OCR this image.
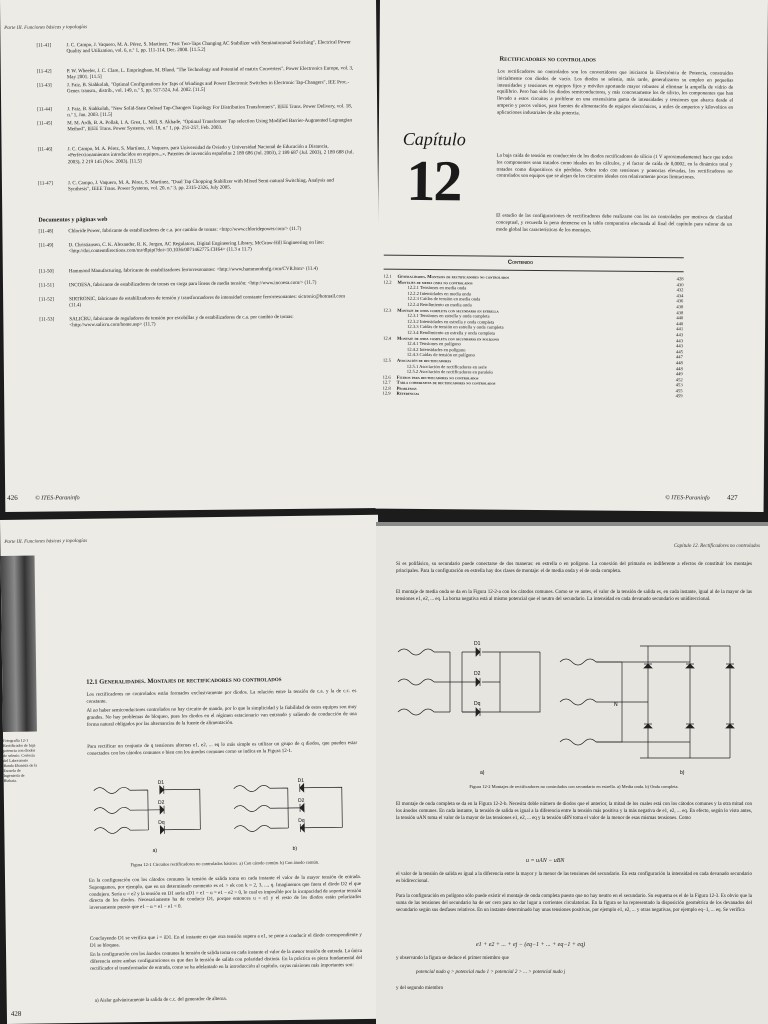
Parte III. Funciones básicas y topologías
[11-41]	J. C. Campo, J. Vaquero, M. A. Pérez, S. Martínez, "Fast Two-Taps Changing AC Stabilizer with Semiautomoud Switching", Electrical Power Quality and Utilization, vol. 6, n.º 1, pp. 111-114, Dec. 2000. [11.5.2]
[11-42]	P. W. Wheeler, J. C. Clare, L. Empringham, M. Bland, "The Technology and Potential of matrix Converters", Power Electronics Europe, vol. 3, May 2001. [11.5]
[11-43]	J. Faiz, B. Siahkolah, "Optimal Configurations for Taps of Windings and Power Electronic Switches in Electronic Tap-Changers", IEE Proc.-Gener. transm., distrib., vol. 149, n.º 5, pp. 517-524, Jul. 2002. [11.5]
[11-44]	J. Faiz, B. Siahkolah, "New Solid-State Onload Tap-Changers Topology For Distribution Transformers", IEEE Trans. Power Delivery, vol. 18, n.º 1, Jan. 2003. [11.5]
[11-45]	M. M. Ardh, B. A. Pollak, I. A. Grea, L. Mill, S. Akhade, "Optimal Transformer Tap selection Using Modified Barrier-Augmented Lagrangian Method", IEEE Trans. Power Systems, vol. 18, n.º 1, pp. 251-257, Feb. 2003.
[11-46]	J. C. Campo, M. A. Pérez, S. Martínez, J. Vaquero, para Universidad de Oviedo y Universidad Nacional de Educación a Distancia, «Perfeccionamientos introducidos en equipos...», Patentes de invención españolas 2 189 686 (Jul. 2003), 2 189 687 (Jul. 2003), 2 189 688 (Jul. 2003), 2 219 145 (Nov. 2003). [11.5]
[11-47]	J. C. Campo, J. Vaquero, M. A. Pérez, S. Martínez, "Dual Tap Chopping Stabilizer with Mixed Semi-natural Switching, Analysis and Synthesis", IEEE Trans. Power Systems, vol. 20, n.º 3, pp. 2315-2326, July 2005.
Documentos y páginas web
[11-48]	Chloride Power, fabricante de estabilizadores de c.a. por cambio de tomas: <http://www.chloridepower.com/> (11.7)
[11-49]	D. Christiansen, C. K. Alexander, R. K. Jurgen, AC Regulators, Digital Engineering Library, McGraw-Hill Engineering on line: <http://doi.contentdirections.com/mr/dlpipi?doi=10.1036/0071462775.CH64> (11.3 a 11.7)
[11-50]	Hammond Manufacturing, fabricante de estabilizadores ferrorresonantes: <http://www.hammondmfg.com/CVR.htm> (11.4)
[11-51]	INCOESA, fabricante de estabilizadores de tomas en carga para líneas de media tensión: <http://www.incoesa.com/> (11.7)
[11-52]	SIRTRONIC, fabricante de estabilizadores de tensión y transformadores de intensidad constante ferrorresonantes: sictronic@hotmail.com (11.4)
[11-53]	SALICRU, fabricante de reguladores de tensión por escobillas y de estabilizadores de c.a. por cambio de tomas: <http://www.salicru.com/home.asp> (11.7)
426	© ITES-Paraninfo
Capítulo
12
Rectificadores no controlados
Los rectificadores no controlados son los convertidores que iniciaron la Electrónica de Potencia, construidos inicialmente con diodos de vacío. Los diodos se selenio, más tarde, generalizaron su empleo en pequeñas intensidades y tensiones en equipos fijos y móviles aportando mayor robustez al eliminar la ampolla de vidrio de equilibrio. Pero han sido los diodos semiconductores, y más concretamente los de silicio, los componentes que han llevado a estos circuitos a proliferar en una extensísima gama de intensidades y tensiones que abarca desde el amperio y pocos voltios, para fuentes de alimentación de equipos electrónicos, a miles de amperios y kilovoltios en aplicaciones industriales de alta potencia.
La baja caída de tensión en conducción de los diodos rectificadores de silicio (1 V aproximadamente) hace que todos los componentes sean tratados como ideales en los cálculos, y el factor de caída de 0,0002, en la dinámica total y tratados como dispositivos sin pérdidas. Sobre todo con tensiones y potencias elevadas, los rectificadores no controlados son equipos que se alejan de los circuitos ideales con relativamente pocas limitaciones.
El estudio de las configuraciones de rectificadores debe realizarse con los no controlados por motivos de claridad conceptual, y recuerda la pena detenerse en la tabla comparativa efectuada al final del capítulo para valorar de un modo global las características de los montajes.
Contenido
12.1 Generalidades. Montajes de rectificadores no controlados	428
12.2 Montajes de media onda no controlados	430
12.2.1 Tensiones en media onda	432
12.2.2 Intensidades en media onda	434
12.2.3 Caídas de tensión en media onda	436
12.2.4 Rendimiento en media onda	438
12.3 Montaje de onda completa con secundario en estrella	438
12.3.1 Tensiones en estrella y onda completa	440
12.3.2 Intensidades en estrella y onda completa	440
12.3.3 Caídas de tensión en estrella y onda completa	441
12.3.4 Rendimiento en estrella y onda completa	443
12.4 Montaje de onda completa con secundario en polígono	443
12.4.1 Tensiones en polígono	443
12.4.2 Intensidades en polígono	445
12.4.3 Caídas de tensión en polígono	447
12.5 Asociación de rectificadores	448
12.5.1 Asociación de rectificadores en serie	448
12.5.2 Asociación de rectificadores en paralelo	449
12.6 Filtros para rectificadores no controlados	452
12.7 Tabla comparativa de rectificadores no controlados	453
12.8 Problemas	455
12.9 Referencias	459
© ITES-Paraninfo 427
Parte III. Funciones básicas y topologías
Fotografía 12-1 Rectificador de baja potencia con diodos de selenio. Cortesía del Laboratorio Banda Ebanista de la Escuela de Ingeniería de Bizkaia.
12.1 Generalidades. Montajes de rectificadores no controlados
Los rectificadores no controlados están formados exclusivamente por diodos. La relación entre la tensión de c.a. y la de c.c. es constante.
Al no haber semiconductores controlados no hay circuito de mando, por lo que la simplicidad y la fiabilidad de estos equipos son muy grandes. No hay problemas de bloqueo, pues los diodos en el régimen estacionario van entrando y saliendo de conducción de una forma natural obligados por las alternancias de la fuente de alimentación.
Para rectificar un conjunto de q tensiones alternas e1, e2, ... eq lo más simple es utilizar un grupo de q diodos, que pueden estar conectados con los cátodos comunes o bien con los ánodos comunes como se indica en la Figura 12-1.
D1
D2
Dq
D1
D2
Dq
a)	b)
Figura 12-1 Circuitos rectificadores no controlados básicos. a) Con cátodo común. b) Con ánodo común.
En la configuración con los cátodos comunes la tensión de salida toma en cada instante el valor de la mayor tensión de entrada. Supongamos, por ejemplo, que en un determinado momento es e1 > ek con k = 2, 3, ..., q. Imaginemos que fuera el diodo D2 el que condujera. Sería u = e2 y la tensión en D1 sería uD1 = e1 − u = e1 − e2 > 0, lo cual es imposible por la incapacidad de soportar tensión directa de los diodos. Necesariamente ha de conducir D1, porque entonces u = e1 y el resto de los diodos están polarizados inversamente puesto que e1 − u = e1 − e1 < 0.
Concluyendo D1 se verifica que i = iD1. En el instante en que otra tensión supera a e1, se pone a conducir el diodo correspondiente y D1 se bloquea.
En la configuración con los ánodos comunes la tensión de salida toma en cada instante el valor de la menor tensión de entrada. La única diferencia entre ambas configuraciones es que dan la tensión de salida con polaridad distinta. En la práctica es pieza fundamental del rectificador el transformador de entrada, como se ha adelantado en la introducción al capítulo, cuyas misiones más importantes son:
a) Aislar galvánicamente la salida de c.c. del generador de alterna.
428
Capítulo 12. Rectificadores no controlados
Si es polifásico, su secundario puede conectarse de dos maneras: en estrella o en polígono. La conexión del primario es indiferente a efectos de constituir los montajes principales. Para la configuración en estrella hay dos clases de montaje: el de media onda y el de onda completa.
El montaje de media onda se da en la Figura 12-2-a con los cátodos comunes. Como se ve antes, el valor de la tensión de salida es, en cada instante, igual al de la mayor de las tensiones e1, e2, ... eq. La borna negativa está al mismo potencial que el neutro del secundario. La intensidad en cada devanado secundario es unidireccional.
D1
D2
Dq	N
a)	b)
Figura 12-2 Montajes de rectificadores no controlados con secundario en estrella. a) Media onda. b) Onda completa.
El montaje de onda completa se da en la Figura 12-2-b. Necesita doble número de diodos que el anterior, la mitad de los cuales está con los cátodos comunes y la otra mitad con los ánodos comunes. En cada instante, la tensión de salida es igual a la diferencia entre la tensión más positiva y la más negativa de e1, e2, ... eq. En efecto, según lo visto antes, la tensión uAN toma el valor de la mayor de las tensiones e1, e2, ... eq y la tensión uBN toma el valor de la menor de esas mismas tensiones. Como
u = uAN − uBN
el valor de la tensión de salida es igual a la diferencia entre la mayor y la menor de las tensiones del secundario. En esta configuración la intensidad en cada devanado secundario es bidireccional.
Para la configuración en polígono sólo puede existir el montaje de onda completa puesto que no hay neutro en el secundario. Su esquema es el de la Figura 12-3. Es obvio que la suma de las tensiones del secundario ha de ser cero para no dar lugar a corrientes circulatorias. En la figura se ha representado la disposición geométrica de los devanados del secundario según sus desfases relativos. En un instante determinado hay unas tensiones positivas, por ejemplo e1, e2, ... y otras negativas, por ejemplo eq−1, ... eq. Se verifica
e1 + e2 + ... + ej − (eq−1 + ... + eq−1 + eq)
y observando la figura se deduce el primer miembro que
potencial nudo q > potencial nudo 1 > potencial 2 > ... > potencial nudo j
y del segundo miembro
